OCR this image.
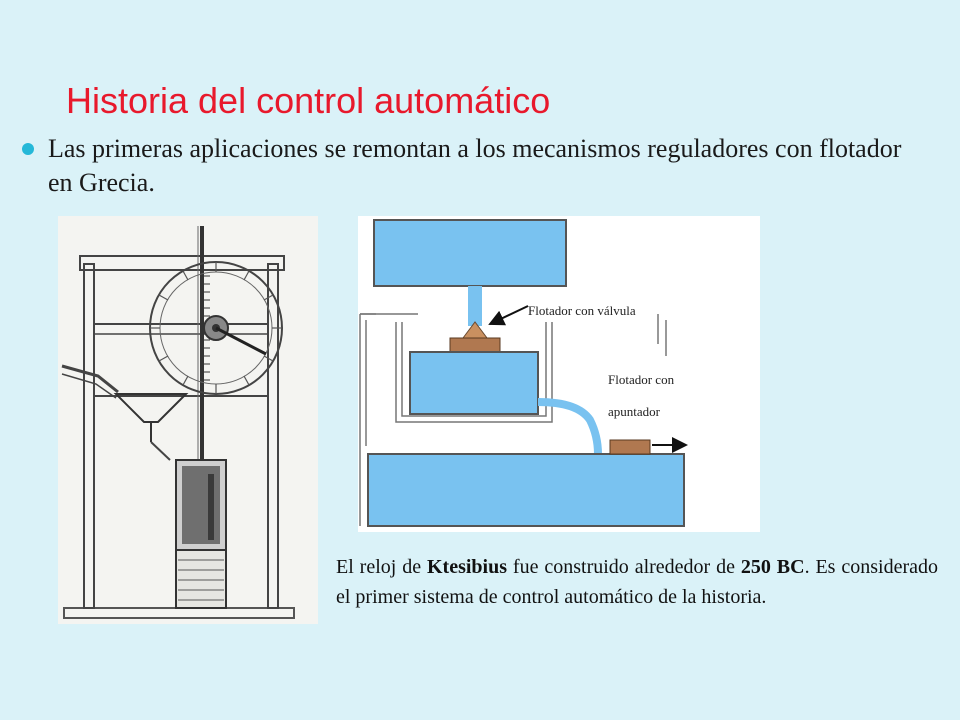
Historia del control automático

Las primeras aplicaciones se remontan a los mecanismos reguladores con flotador en Grecia.

Flotador con válvula
Flotador con
apuntador

El reloj de Ktesibius fue construido alrededor de 250 BC. Es considerado el primer sistema de control automático de la historia.
